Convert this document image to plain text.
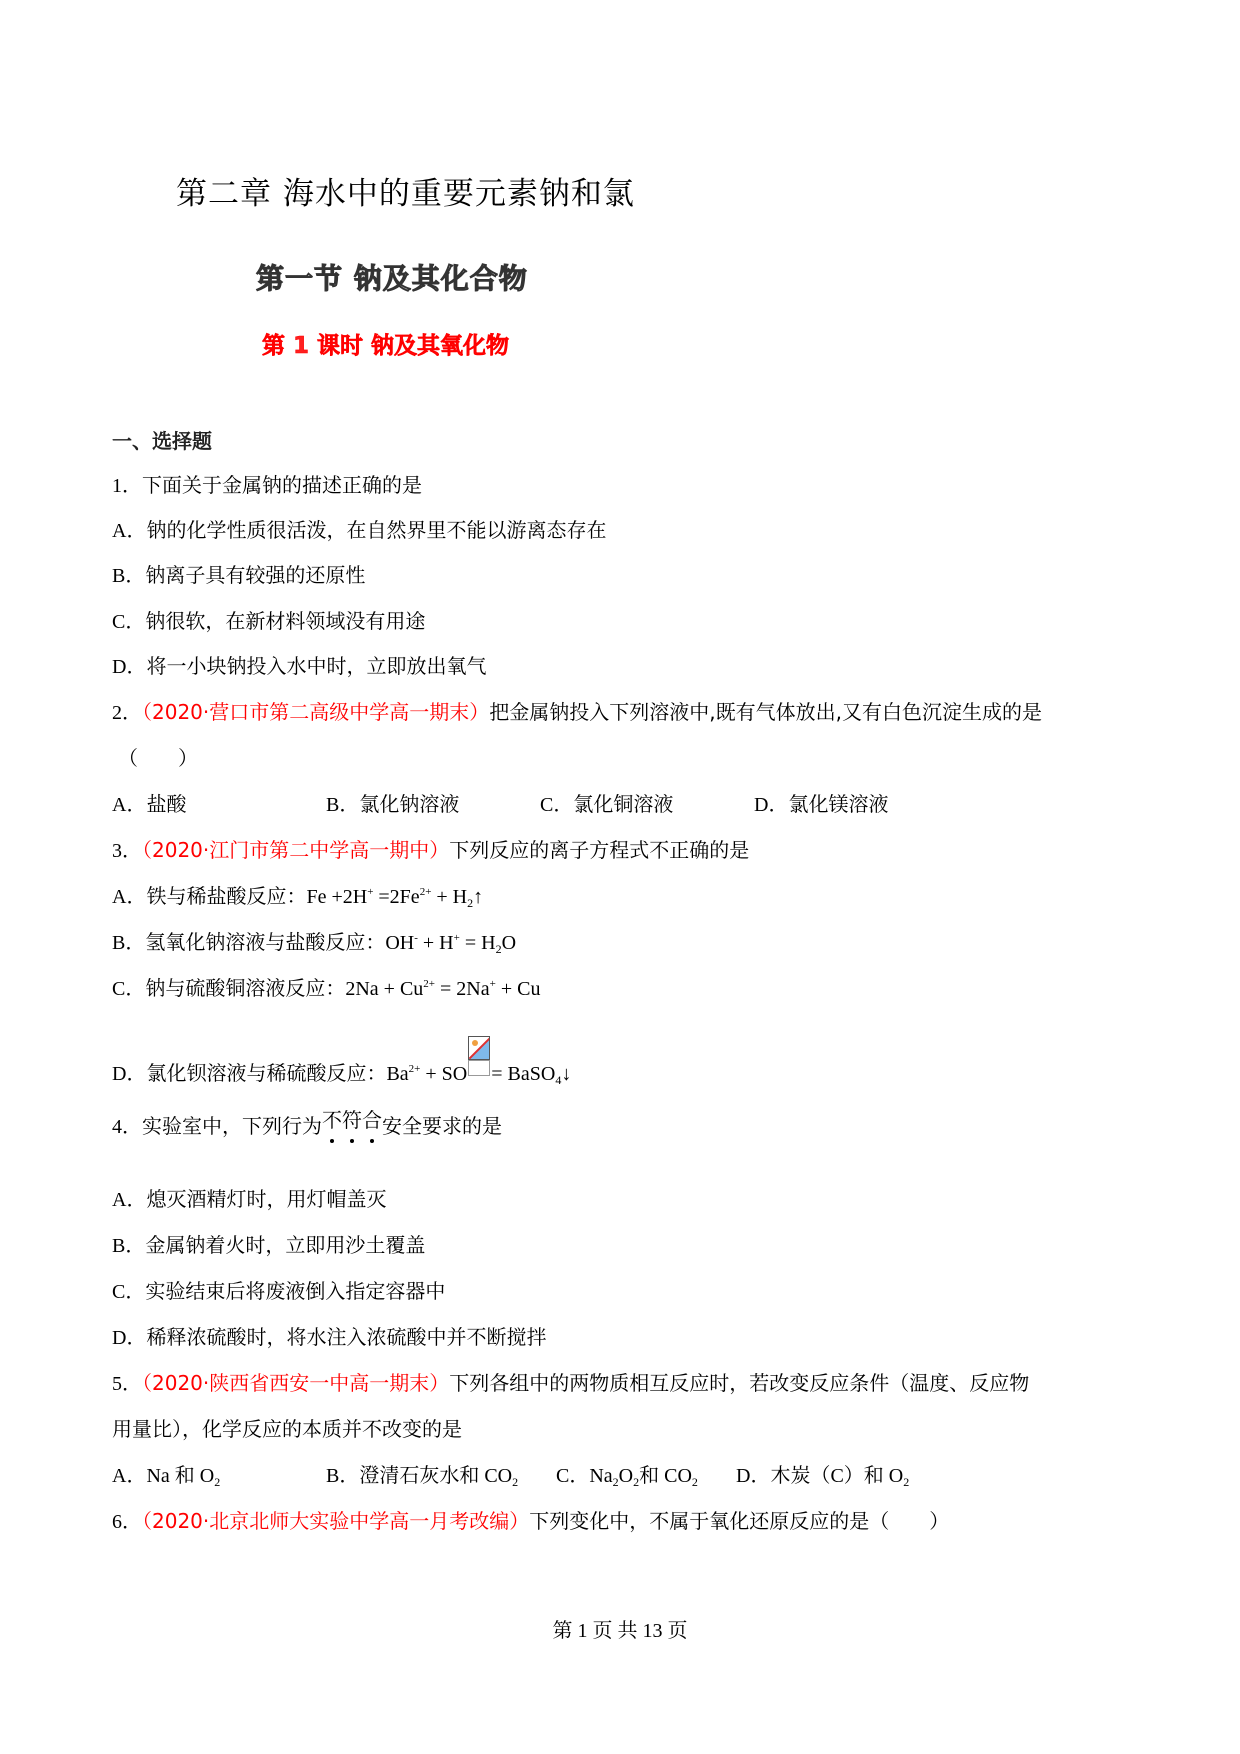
第二章 海水中的重要元素钠和氯
第一节 钠及其化合物
第 1 课时 钠及其氧化物
一、选择题
1．下面关于金属钠的描述正确的是
A．钠的化学性质很活泼，在自然界里不能以游离态存在
B．钠离子具有较强的还原性
C．钠很软，在新材料领域没有用途
D．将一小块钠投入水中时，立即放出氧气
2．（2020·营口市第二高级中学高一期末）把金属钠投入下列溶液中,既有气体放出,又有白色沉淀生成的是
（　　）
A．盐酸	B．氯化钠溶液	C．氯化铜溶液	D．氯化镁溶液
3．（2020·江门市第二中学高一期中）下列反应的离子方程式不正确的是
A．铁与稀盐酸反应：$Fe +2H^+ =2Fe^{2+}$ + $H_2↑$
B．氢氧化钠溶液与盐酸反应：$OH^- + H^+ = H_2O$
C．钠与硫酸铜溶液反应：$2Na + Cu^{2+} = 2Na^+ + Cu$
D．氯化钡溶液与稀硫酸反应：$Ba^{2+}$ + SO = BaSO$_4$↓
4．实验室中，下列行为不符合安全要求的是
A．熄灭酒精灯时，用灯帽盖灭
B．金属钠着火时，立即用沙土覆盖
C．实验结束后将废液倒入指定容器中
D．稀释浓硫酸时，将水注入浓硫酸中并不断搅拌
5．（2020·陕西省西安一中高一期末）下列各组中的两物质相互反应时，若改变反应条件（温度、反应物
用量比），化学反应的本质并不改变的是
A．Na 和 $O_2$	B．澄清石灰水和 $CO_2$ C．$Na_2O_2$和 $CO_2$ D．木炭（C）和 $O_2$
6．（2020·北京北师大实验中学高一月考改编）下列变化中，不属于氧化还原反应的是（　　）
第 1 页 共 13 页
